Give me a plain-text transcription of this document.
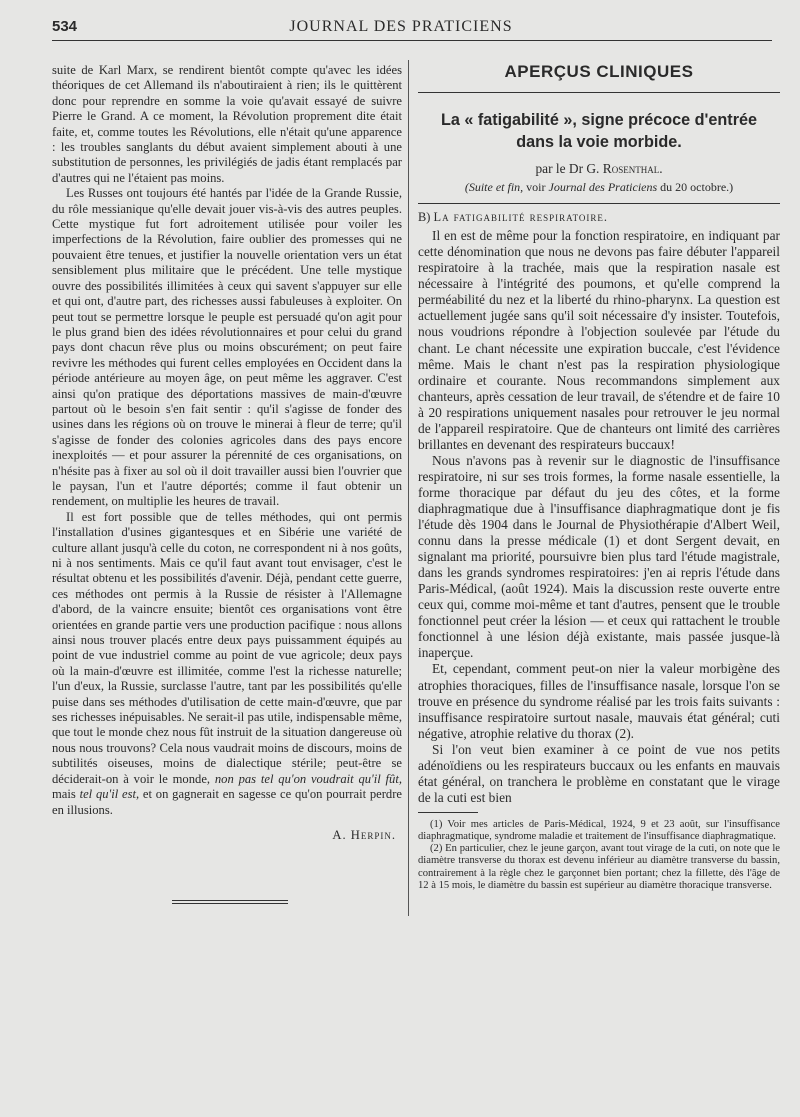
534	JOURNAL DES PRATICIENS

suite de Karl Marx, se rendirent bientôt compte qu'avec les idées théoriques de cet Allemand ils n'aboutiraient à rien; ils le quittèrent donc pour reprendre en somme la voie qu'avait essayé de suivre Pierre le Grand. A ce moment, la Révolution proprement dite était faite, et, comme toutes les Révolutions, elle n'était qu'une apparence : les troubles sanglants du début avaient simplement abouti à une substitution de personnes, les privilégiés de jadis étant remplacés par d'autres qui ne l'étaient pas moins.

Les Russes ont toujours été hantés par l'idée de la Grande Russie, du rôle messianique qu'elle devait jouer vis-à-vis des autres peuples. Cette mystique fut fort adroitement utilisée pour voiler les imperfections de la Révolution, faire oublier des promesses qui ne pouvaient être tenues, et justifier la nouvelle orientation vers un état sensiblement plus militaire que le précédent. Une telle mystique ouvre des possibilités illimitées à ceux qui savent s'appuyer sur elle et qui ont, d'autre part, des richesses aussi fabuleuses à exploiter. On peut tout se permettre lorsque le peuple est persuadé qu'on agit pour le plus grand bien des idées révolutionnaires et pour celui du grand pays dont chacun rêve plus ou moins obscurément; on peut faire revivre les méthodes qui furent celles employées en Occident dans la période antérieure au moyen âge, on peut même les aggraver. C'est ainsi qu'on pratique des déportations massives de main-d'œuvre partout où le besoin s'en fait sentir : qu'il s'agisse de fonder des usines dans les régions où on trouve le minerai à fleur de terre; qu'il s'agisse de fonder des colonies agricoles dans des pays encore inexploités — et pour assurer la pérennité de ces organisations, on n'hésite pas à fixer au sol où il doit travailler aussi bien l'ouvrier que le paysan, l'un et l'autre déportés; comme il faut obtenir un rendement, on multiplie les heures de travail.

Il est fort possible que de telles méthodes, qui ont permis l'installation d'usines gigantesques et en Sibérie une variété de culture allant jusqu'à celle du coton, ne correspondent ni à nos goûts, ni à nos sentiments. Mais ce qu'il faut avant tout envisager, c'est le résultat obtenu et les possibilités d'avenir. Déjà, pendant cette guerre, ces méthodes ont permis à la Russie de résister à l'Allemagne d'abord, de la vaincre ensuite; bientôt ces organisations vont être orientées en grande partie vers une production pacifique : nous allons ainsi nous trouver placés entre deux pays puissamment équipés au point de vue industriel comme au point de vue agricole; deux pays où la main-d'œuvre est illimitée, comme l'est la richesse naturelle; l'un d'eux, la Russie, surclasse l'autre, tant par les possibilités qu'elle puise dans ses méthodes d'utilisation de cette main-d'œuvre, que par ses richesses inépuisables. Ne serait-il pas utile, indispensable même, que tout le monde chez nous fût instruit de la situation dangereuse où nous nous trouvons? Cela nous vaudrait moins de discours, moins de subtilités oiseuses, moins de dialectique stérile; peut-être se déciderait-on à voir le monde, non pas tel qu'on voudrait qu'il fût, mais tel qu'il est, et on gagnerait en sagesse ce qu'on pourrait perdre en illusions.

A. Herpin.

APERÇUS CLINIQUES
La « fatigabilité », signe précoce d'entrée
dans la voie morbide.
par le Dr G. Rosenthal.
(Suite et fin, voir Journal des Praticiens du 20 octobre.)
B) La fatigabilité respiratoire.

Il en est de même pour la fonction respiratoire, en indiquant par cette dénomination que nous ne devons pas faire débuter l'appareil respiratoire à la trachée, mais que la respiration nasale est nécessaire à l'intégrité des poumons, et qu'elle comprend la perméabilité du nez et la liberté du rhino-pharynx. La question est actuellement jugée sans qu'il soit nécessaire d'y insister. Toutefois, nous voudrions répondre à l'objection soulevée par l'étude du chant. Le chant nécessite une expiration buccale, c'est l'évidence même. Mais le chant n'est pas la respiration physiologique ordinaire et courante. Nous recommandons simplement aux chanteurs, après cessation de leur travail, de s'étendre et de faire 10 à 20 respirations uniquement nasales pour retrouver le jeu normal de l'appareil respiratoire. Que de chanteurs ont limité des carrières brillantes en devenant des respirateurs buccaux!

Nous n'avons pas à revenir sur le diagnostic de l'insuffisance respiratoire, ni sur ses trois formes, la forme nasale essentielle, la forme thoracique par défaut du jeu des côtes, et la forme diaphragmatique due à l'insuffisance diaphragmatique dont je fis l'étude dès 1904 dans le Journal de Physiothérapie d'Albert Weil, connu dans la presse médicale (1) et dont Sergent devait, en signalant ma priorité, poursuivre bien plus tard l'étude magistrale, dans les grands syndromes respiratoires: j'en ai repris l'étude dans Paris-Médical, (août 1924). Mais la discussion reste ouverte entre ceux qui, comme moi-même et tant d'autres, pensent que le trouble fonctionnel peut créer la lésion — et ceux qui rattachent le trouble fonctionnel à une lésion déjà existante, mais passée jusque-là inaperçue.

Et, cependant, comment peut-on nier la valeur morbigène des atrophies thoraciques, filles de l'insuffisance nasale, lorsque l'on se trouve en présence du syndrome réalisé par les trois faits suivants : insuffisance respiratoire surtout nasale, mauvais état général; cuti négative, atrophie relative du thorax (2).

Si l'on veut bien examiner à ce point de vue nos petits adénoïdiens ou les respirateurs buccaux ou les enfants en mauvais état général, on tranchera le problème en constatant que le virage de la cuti est bien

(1) Voir mes articles de Paris-Médical, 1924, 9 et 23 août, sur l'insuffisance diaphragmatique, syndrome maladie et traitement de l'insuffisance diaphragmatique.

(2) En particulier, chez le jeune garçon, avant tout virage de la cuti, on note que le diamètre transverse du thorax est devenu inférieur au diamètre transverse du bassin, contrairement à la règle chez le garçonnet bien portant; chez la fillette, dès l'âge de 12 à 15 mois, le diamètre du bassin est supérieur au diamètre thoracique transverse.
